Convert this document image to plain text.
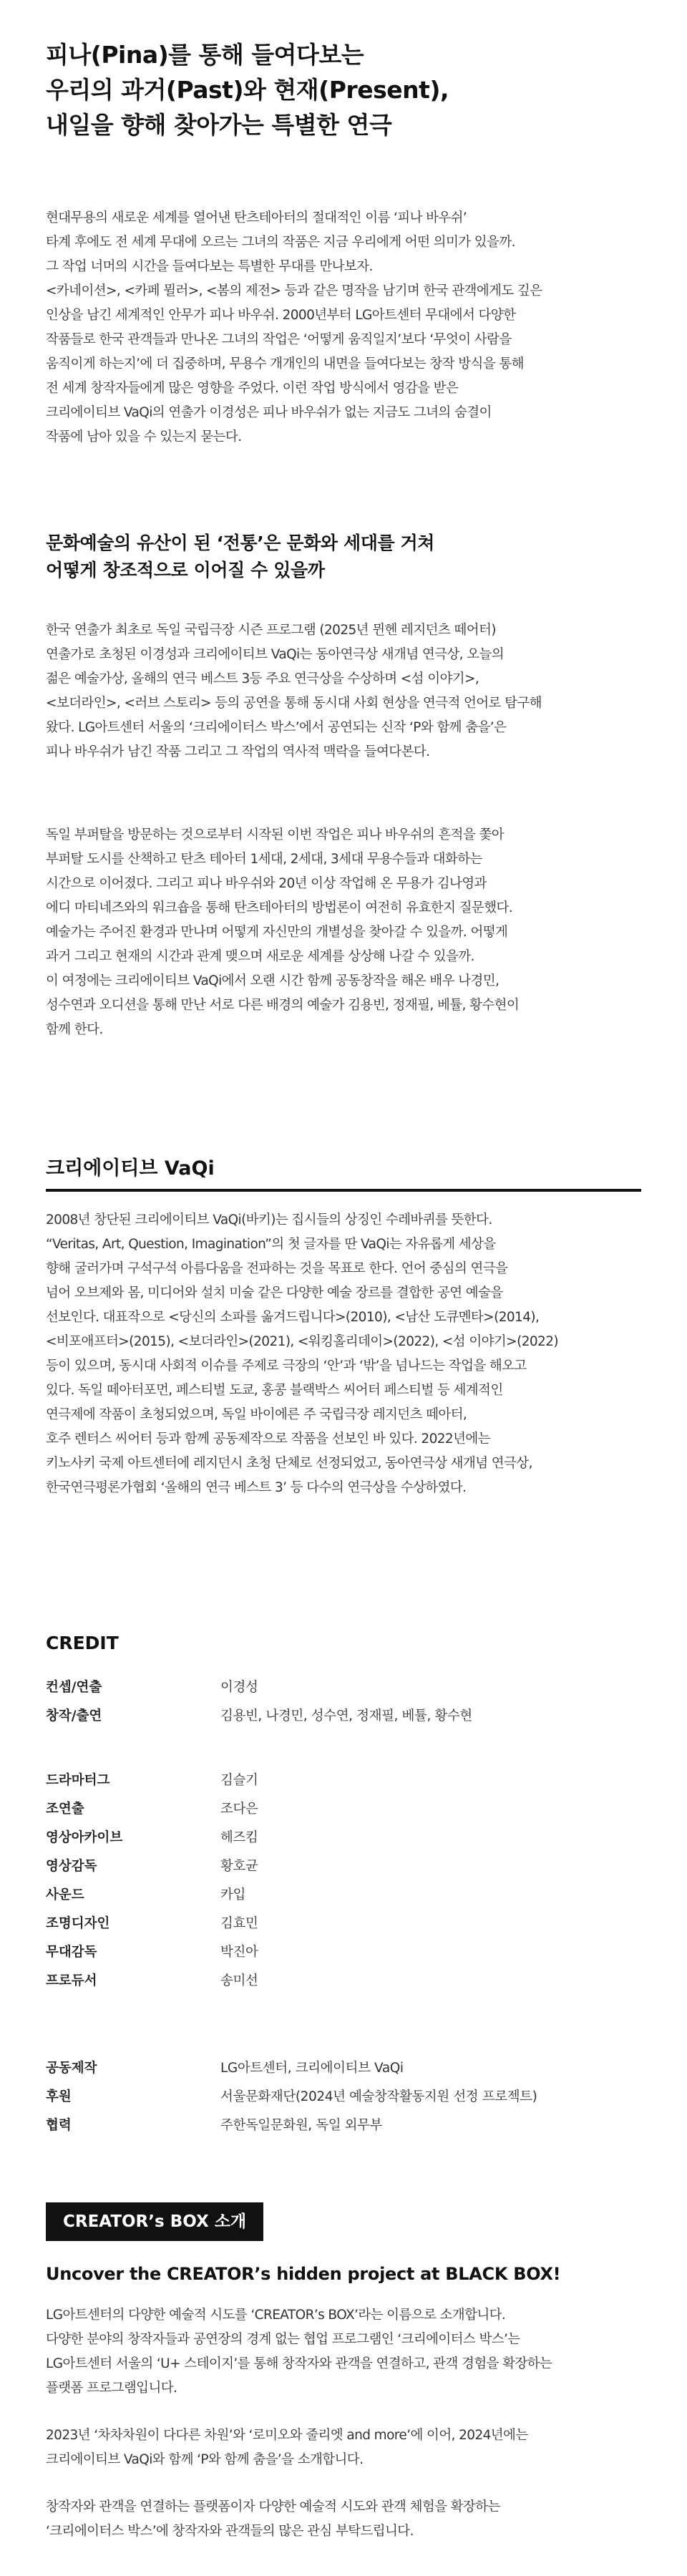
피나(Pina)를 통해 들여다보는
우리의 과거(Past)와 현재(Present),
내일을 향해 찾아가는 특별한 연극
현대무용의 새로운 세계를 열어낸 탄츠테아터의 절대적인 이름 ‘피나 바우쉬’
타계 후에도 전 세계 무대에 오르는 그녀의 작품은 지금 우리에게 어떤 의미가 있을까.
그 작업 너머의 시간을 들여다보는 특별한 무대를 만나보자.
<카네이션>, <카페 뮐러>, <봄의 제전> 등과 같은 명작을 남기며 한국 관객에게도 깊은
인상을 남긴 세계적인 안무가 피나 바우쉬. 2000년부터 LG아트센터 무대에서 다양한
작품들로 한국 관객들과 만나온 그녀의 작업은 ‘어떻게 움직일지’보다 ‘무엇이 사람을
움직이게 하는지’에 더 집중하며, 무용수 개개인의 내면을 들여다보는 창작 방식을 통해
전 세계 창작자들에게 많은 영향을 주었다. 이런 작업 방식에서 영감을 받은
크리에이티브 VaQi의 연출가 이경성은 피나 바우쉬가 없는 지금도 그녀의 숨결이
작품에 남아 있을 수 있는지 묻는다.
문화예술의 유산이 된 ‘전통’은 문화와 세대를 거쳐
어떻게 창조적으로 이어질 수 있을까
한국 연출가 최초로 독일 국립극장 시즌 프로그램 (2025년 뮌헨 레지던츠 떼어터)
연출가로 초청된 이경성과 크리에이티브 VaQi는 동아연극상 새개념 연극상, 오늘의
젊은 예술가상, 올해의 연극 베스트 3등 주요 연극상을 수상하며 <섬 이야기>,
<보더라인>, <러브 스토리> 등의 공연을 통해 동시대 사회 현상을 연극적 언어로 탐구해
왔다. LG아트센터 서울의 ‘크리에이터스 박스’에서 공연되는 신작 ‘P와 함께 춤을’은
피나 바우쉬가 남긴 작품 그리고 그 작업의 역사적 맥락을 들여다본다.
독일 부퍼탈을 방문하는 것으로부터 시작된 이번 작업은 피나 바우쉬의 흔적을 쫓아
부퍼탈 도시를 산책하고 탄츠 테아터 1세대, 2세대, 3세대 무용수들과 대화하는
시간으로 이어졌다. 그리고 피나 바우쉬와 20년 이상 작업해 온 무용가 김나영과
에디 마티네즈와의 워크숍을 통해 탄츠테아터의 방법론이 여전히 유효한지 질문했다.
예술가는 주어진 환경과 만나며 어떻게 자신만의 개별성을 찾아갈 수 있을까. 어떻게
과거 그리고 현재의 시간과 관계 맺으며 새로운 세계를 상상해 나갈 수 있을까.
이 여정에는 크리에이티브 VaQi에서 오랜 시간 함께 공동창작을 해온 배우 나경민,
성수연과 오디션을 통해 만난 서로 다른 배경의 예술가 김용빈, 정재필, 베튤, 황수현이
함께 한다.
크리에이티브 VaQi
2008년 창단된 크리에이티브 VaQi(바키)는 집시들의 상징인 수레바퀴를 뜻한다.
“Veritas, Art, Question, Imagination”의 첫 글자를 딴 VaQi는 자유롭게 세상을
향해 굴러가며 구석구석 아름다움을 전파하는 것을 목표로 한다. 언어 중심의 연극을
넘어 오브제와 몸, 미디어와 설치 미술 같은 다양한 예술 장르를 결합한 공연 예술을
선보인다. 대표작으로 <당신의 소파를 옮겨드립니다>(2010), <남산 도큐멘타>(2014),
<비포애프터>(2015), <보더라인>(2021), <워킹홀리데이>(2022), <섬 이야기>(2022)
등이 있으며, 동시대 사회적 이슈를 주제로 극장의 ‘안’과 ‘밖’을 넘나드는 작업을 해오고
있다. 독일 떼아터포먼, 페스티벌 도쿄, 홍콩 블랙박스 씨어터 페스티벌 등 세계적인
연극제에 작품이 초청되었으며, 독일 바이에른 주 국립극장 레지던츠 떼아터,
호주 렌터스 씨어터 등과 함께 공동제작으로 작품을 선보인 바 있다. 2022년에는
키노사키 국제 아트센터에 레지던시 초청 단체로 선정되었고, 동아연극상 새개념 연극상,
한국연극평론가협회 ‘올해의 연극 베스트 3’ 등 다수의 연극상을 수상하였다.
CREDIT
컨셉/연출	이경성
창작/출연	김용빈, 나경민, 성수연, 정재필, 베튤, 황수현
드라마터그	김슬기
조연출	조다은
영상아카이브	헤즈킴
영상감독	황호균
사운드	카입
조명디자인	김효민
무대감독	박진아
프로듀서	송미선
공동제작	LG아트센터, 크리에이티브 VaQi
후원	서울문화재단(2024년 예술창작활동지원 선정 프로젝트)
협력	주한독일문화원, 독일 외무부
CREATOR’s BOX 소개
Uncover the CREATOR’s hidden project at BLACK BOX!
LG아트센터의 다양한 예술적 시도를 ‘CREATOR’s BOX’라는 이름으로 소개합니다.
다양한 분야의 창작자들과 공연장의 경계 없는 협업 프로그램인 ‘크리에이터스 박스’는
LG아트센터 서울의 ‘U+ 스테이지’를 통해 창작자와 관객을 연결하고, 관객 경험을 확장하는
플랫폼 프로그램입니다.
2023년 ‘차차차원이 다다른 차원’와 ‘로미오와 줄리엣 and more’에 이어, 2024년에는
크리에이티브 VaQi와 함께 ‘P와 함께 춤을’을 소개합니다.
창작자와 관객을 연결하는 플랫폼이자 다양한 예술적 시도와 관객 체험을 확장하는
‘크리에이터스 박스’에 창작자와 관객들의 많은 관심 부탁드립니다.
